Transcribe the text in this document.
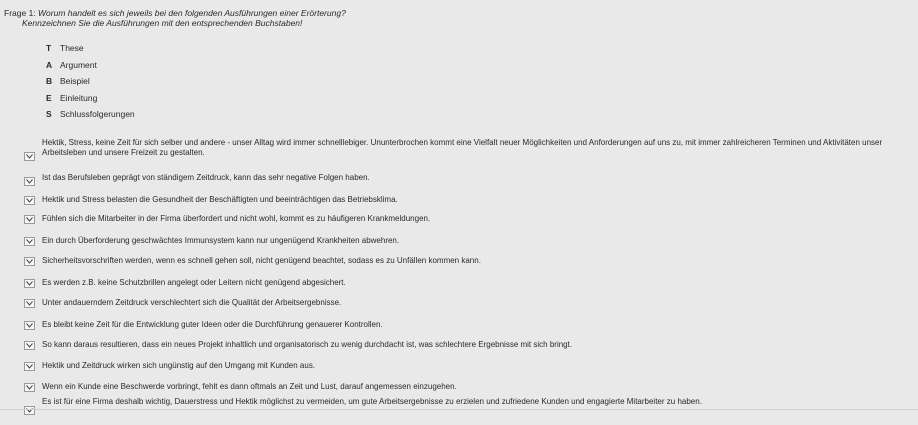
Frage 1: Worum handelt es sich jeweils bei den folgenden Ausführungen einer Erörterung?
Kennzeichnen Sie die Ausführungen mit den entsprechenden Buchstaben!
T	These
A Argument
B Beispiel
E Einleitung
S Schlussfolgerungen
Hektik, Stress, keine Zeit für sich selber und andere - unser Alltag wird immer schnelllebiger. Ununterbrochen kommt eine Vielfalt neuer Möglichkeiten und Anforderungen auf uns zu, mit immer zahlreicheren Terminen und Aktivitäten unser Arbeitsleben und unsere Freizeit zu gestalten.
Ist das Berufsleben geprägt von ständigem Zeitdruck, kann das sehr negative Folgen haben.
Hektik und Stress belasten die Gesundheit der Beschäftigten und beeinträchtigen das Betriebsklima.
Fühlen sich die Mitarbeiter in der Firma überfordert und nicht wohl, kommt es zu häufigeren Krankmeldungen.
Ein durch Überforderung geschwächtes Immunsystem kann nur ungenügend Krankheiten abwehren.
Sicherheitsvorschriften werden, wenn es schnell gehen soll, nicht genügend beachtet, sodass es zu Unfällen kommen kann.
Es werden z.B. keine Schutzbrillen angelegt oder Leitern nicht genügend abgesichert.
Unter andauerndem Zeitdruck verschlechtert sich die Qualität der Arbeitsergebnisse.
Es bleibt keine Zeit für die Entwicklung guter Ideen oder die Durchführung genauerer Kontrollen.
So kann daraus resultieren, dass ein neues Projekt inhaltlich und organisatorisch zu wenig durchdacht ist, was schlechtere Ergebnisse mit sich bringt.
Hektik und Zeitdruck wirken sich ungünstig auf den Umgang mit Kunden aus.
Wenn ein Kunde eine Beschwerde vorbringt, fehlt es dann oftmals an Zeit und Lust, darauf angemessen einzugehen.
Es ist für eine Firma deshalb wichtig, Dauerstress und Hektik möglichst zu vermeiden, um gute Arbeitsergebnisse zu erzielen und zufriedene Kunden und engagierte Mitarbeiter zu haben.
